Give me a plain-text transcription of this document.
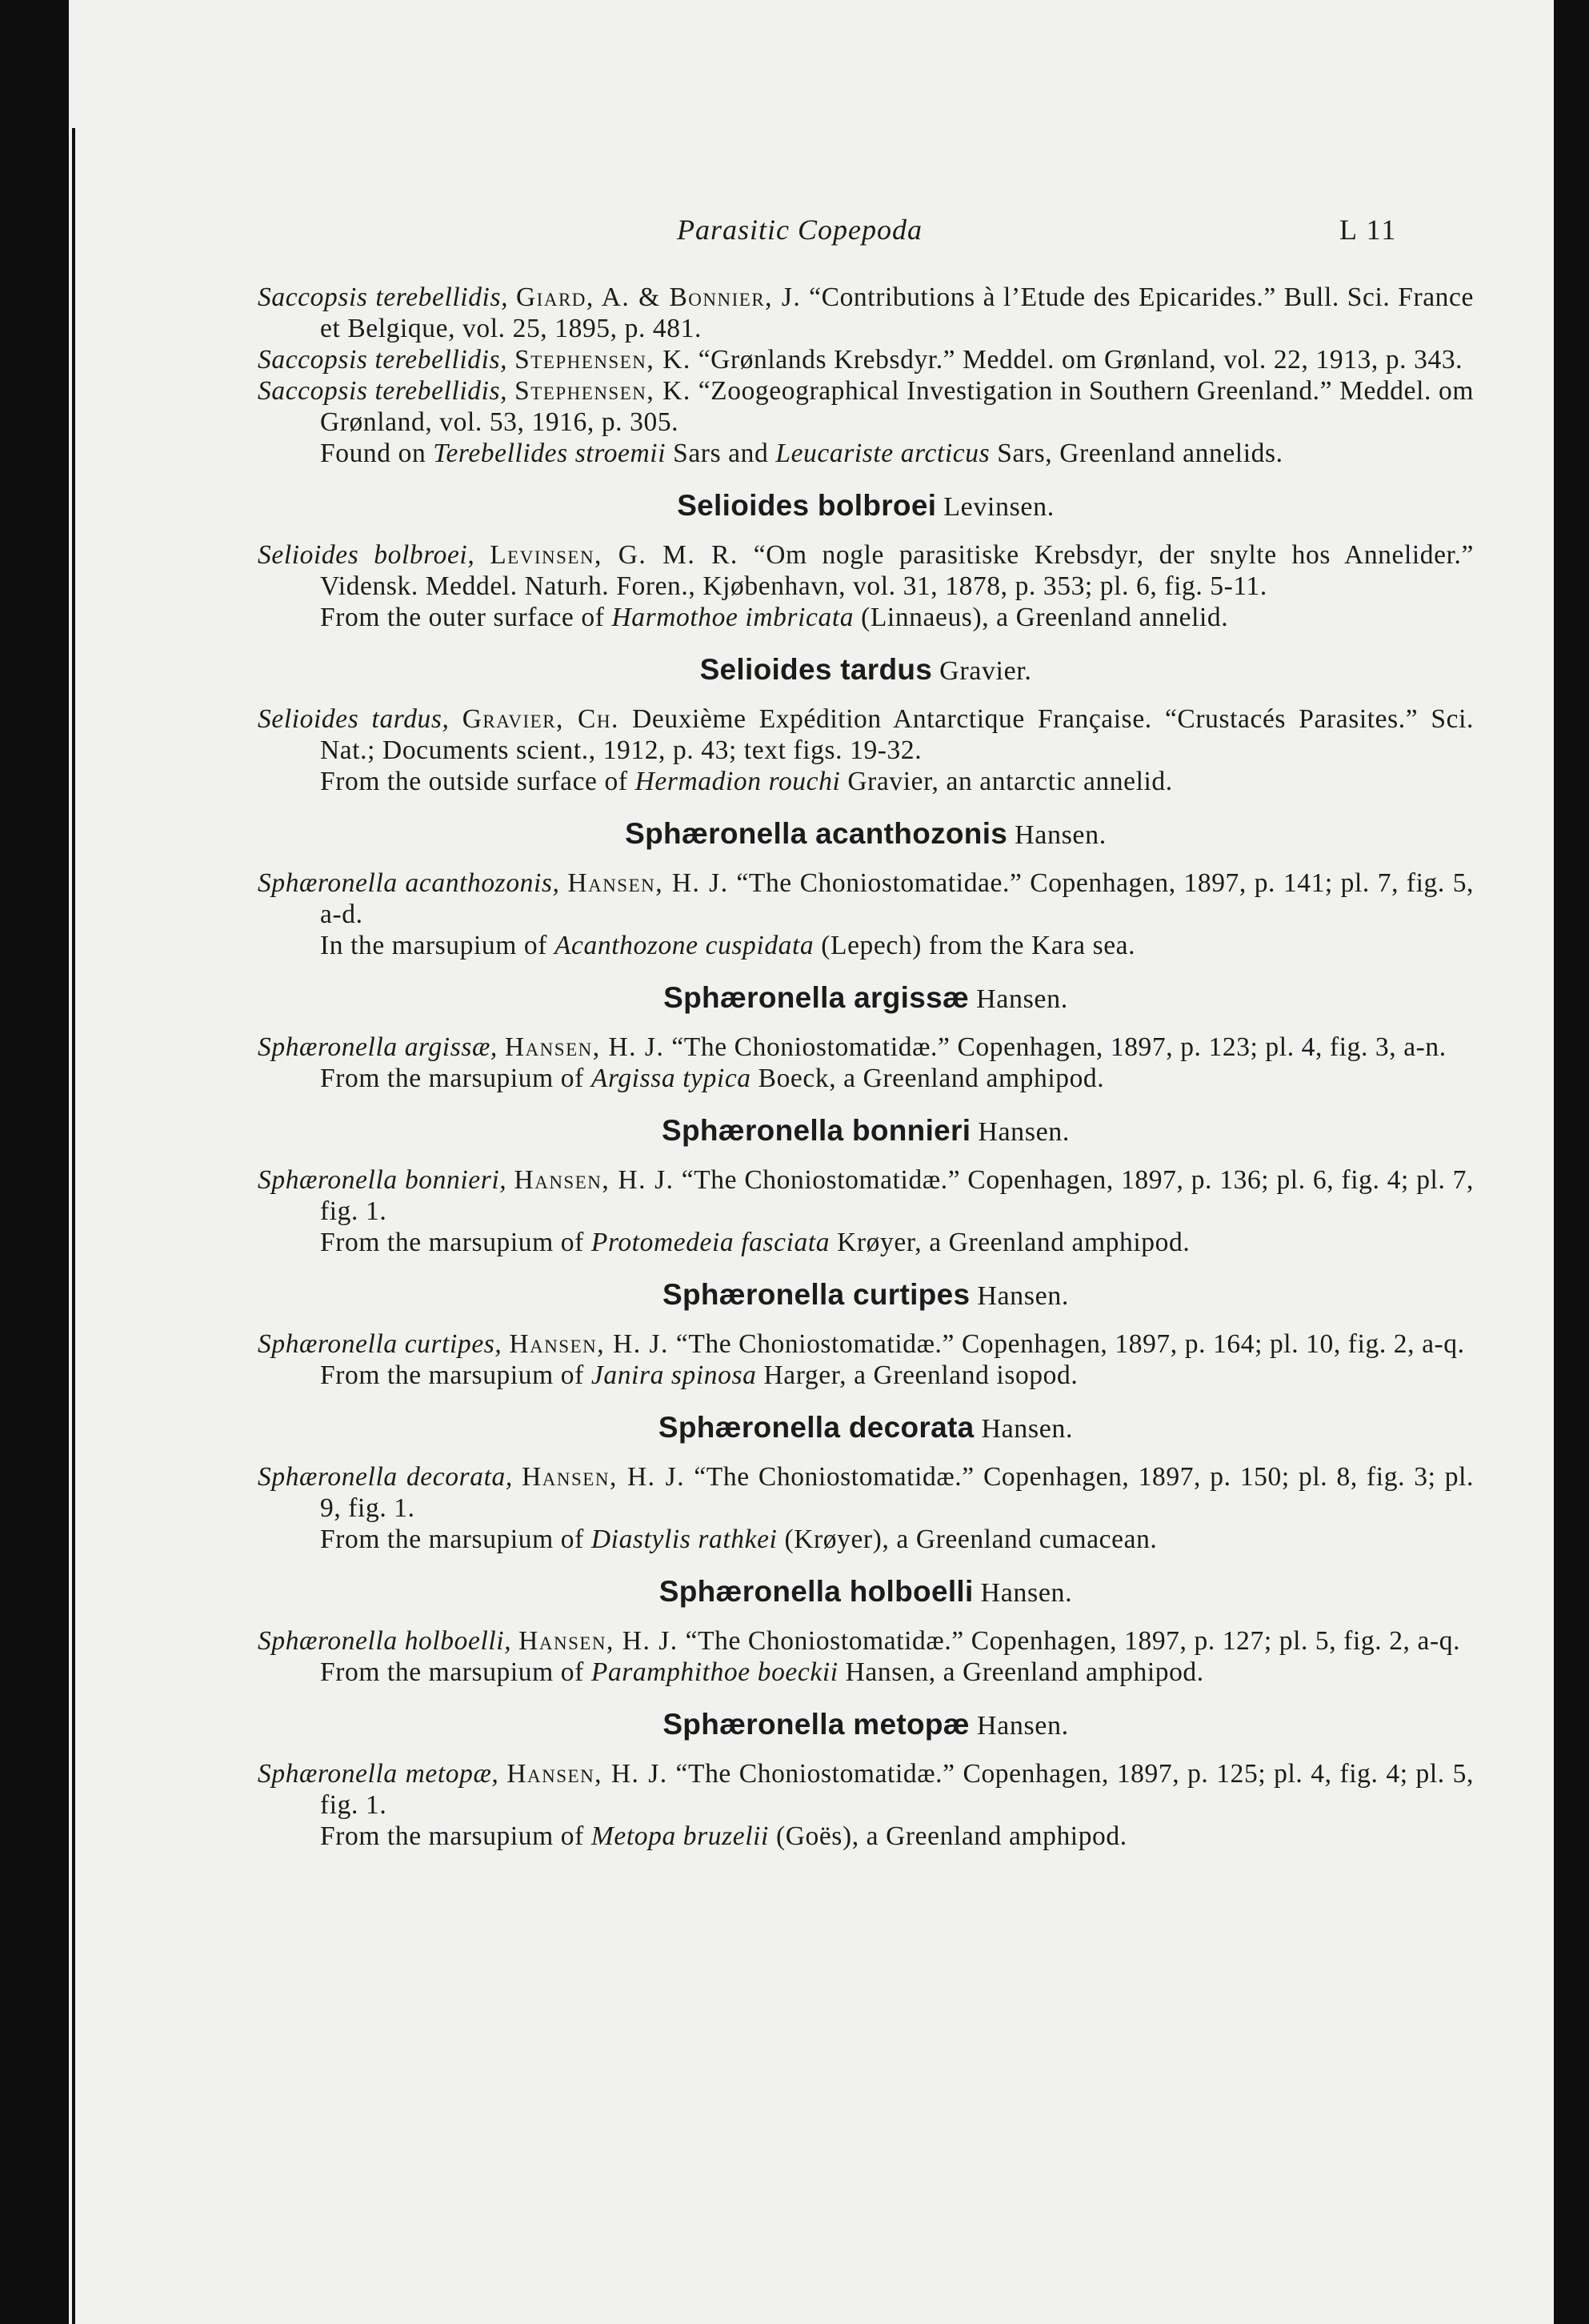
Parasitic Copepoda	L 11
Saccopsis terebellidis, Giard, A. & Bonnier, J. “Contributions à l’Etude des Epicarides.” Bull. Sci. France et Belgique, vol. 25, 1895, p. 481.
Saccopsis terebellidis, Stephensen, K. “Grønlands Krebsdyr.” Meddel. om Grønland, vol. 22, 1913, p. 343.
Saccopsis terebellidis, Stephensen, K. “Zoogeographical Investigation in Southern Greenland.” Meddel. om Grønland, vol. 53, 1916, p. 305.
Found on Terebellides stroemii Sars and Leucariste arcticus Sars, Greenland annelids.
Selioides bolbroei Levinsen.
Selioides bolbroei, Levinsen, G. M. R. “Om nogle parasitiske Krebsdyr, der snylte hos Annelider.” Vidensk. Meddel. Naturh. Foren., Kjøbenhavn, vol. 31, 1878, p. 353; pl. 6, fig. 5-11.
From the outer surface of Harmothoe imbricata (Linnaeus), a Greenland annelid.
Selioides tardus Gravier.
Selioides tardus, Gravier, Ch. Deuxième Expédition Antarctique Française. “Crustacés Parasites.” Sci. Nat.; Documents scient., 1912, p. 43; text figs. 19-32.
From the outside surface of Hermadion rouchi Gravier, an antarctic annelid.
Sphæronella acanthozonis Hansen.
Sphæronella acanthozonis, Hansen, H. J. “The Choniostomatidae.” Copenhagen, 1897, p. 141; pl. 7, fig. 5, a-d.
In the marsupium of Acanthozone cuspidata (Lepech) from the Kara sea.
Sphæronella argissæ Hansen.
Sphæronella argissæ, Hansen, H. J. “The Choniostomatidæ.” Copenhagen, 1897, p. 123; pl. 4, fig. 3, a-n.
From the marsupium of Argissa typica Boeck, a Greenland amphipod.
Sphæronella bonnieri Hansen.
Sphæronella bonnieri, Hansen, H. J. “The Choniostomatidæ.” Copenhagen, 1897, p. 136; pl. 6, fig. 4; pl. 7, fig. 1.
From the marsupium of Protomedeia fasciata Krøyer, a Greenland amphipod.
Sphæronella curtipes Hansen.
Sphæronella curtipes, Hansen, H. J. “The Choniostomatidæ.” Copenhagen, 1897, p. 164; pl. 10, fig. 2, a-q.
From the marsupium of Janira spinosa Harger, a Greenland isopod.
Sphæronella decorata Hansen.
Sphæronella decorata, Hansen, H. J. “The Choniostomatidæ.” Copenhagen, 1897, p. 150; pl. 8, fig. 3; pl. 9, fig. 1.
From the marsupium of Diastylis rathkei (Krøyer), a Greenland cumacean.
Sphæronella holboelli Hansen.
Sphæronella holboelli, Hansen, H. J. “The Choniostomatidæ.” Copenhagen, 1897, p. 127; pl. 5, fig. 2, a-q.
From the marsupium of Paramphithoe boeckii Hansen, a Greenland amphipod.
Sphæronella metopæ Hansen.
Sphæronella metopæ, Hansen, H. J. “The Choniostomatidæ.” Copenhagen, 1897, p. 125; pl. 4, fig. 4; pl. 5, fig. 1.
From the marsupium of Metopa bruzelii (Goës), a Greenland amphipod.
